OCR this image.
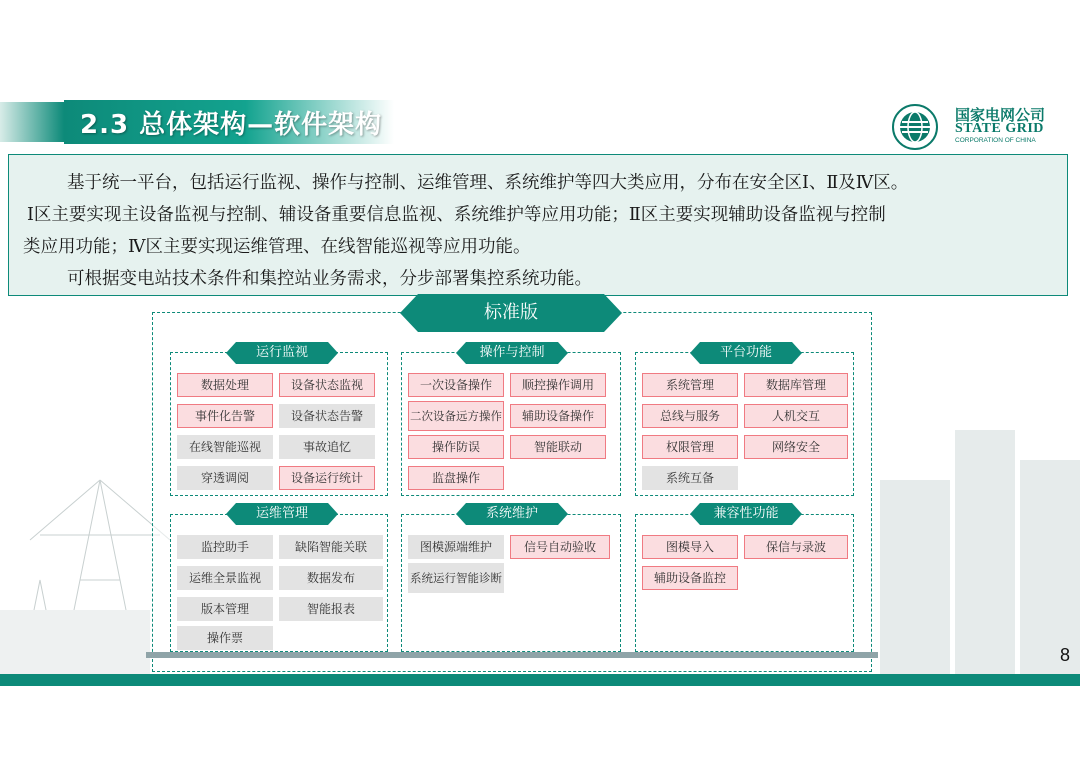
2.3 总体架构—软件架构	国家电网公司
STATE GRID
CORPORATION OF CHINA

基于统一平台，包括运行监视、操作与控制、运维管理、系统维护等四大类应用，分布在安全区Ⅰ、Ⅱ及Ⅳ区。

Ⅰ区主要实现主设备监视与控制、辅设备重要信息监视、系统维护等应用功能；Ⅱ区主要实现辅助设备监视与控制

类应用功能；Ⅳ区主要实现运维管理、在线智能巡视等应用功能。

可根据变电站技术条件和集控站业务需求，分步部署集控系统功能。

标准版
数据处理	设备状态监视
事件化告警	设备状态告警
在线智能巡视	事故追忆
穿透调阅	设备运行统计
运行监视
一次设备操作	顺控操作调用
二次设备远方操作	辅助设备操作
操作防误	智能联动
监盘操作
操作与控制
系统管理	数据库管理
总线与服务	人机交互
权限管理	网络安全
系统互备
平台功能
监控助手	缺陷智能关联
运维全景监视	数据发布
版本管理	智能报表
操作票
运维管理
图模源端维护	信号自动验收
系统运行智能诊断
系统维护
图模导入	保信与录波
辅助设备监控
兼容性功能
8
